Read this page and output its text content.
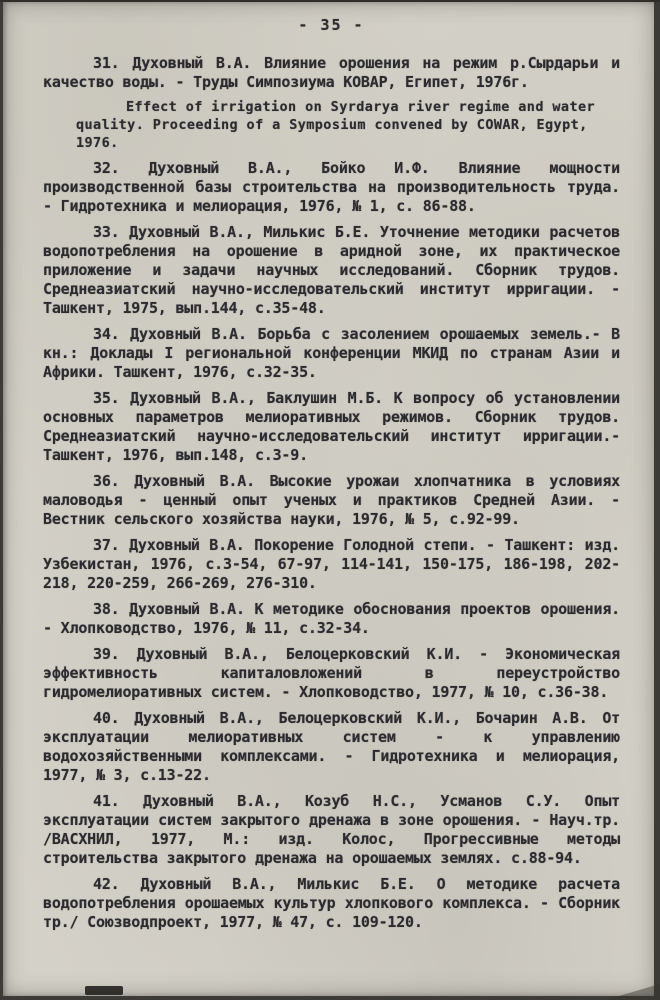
- 35 -

31. Духовный В.А. Влияние орошения на режим р.Сырдарьи и качество воды. - Труды Симпозиума КОВАР, Египет, 1976г.

Effect of irrigation on Syrdarya river regime and water quality. Proceeding of a Symposium convened by COWAR, Egypt, 1976.

32. Духовный В.А., Бойко И.Ф. Влияние мощности производственной базы строительства на производительность труда. - Гидротехника и мелиорация, 1976, № 1, с. 86-88.

33. Духовный В.А., Милькис Б.Е. Уточнение методики расчетов водопотребления на орошение в аридной зоне, их практическое приложение и задачи научных исследований. Сборник трудов. Среднеазиатский научно-исследовательский институт ирригации. - Ташкент, 1975, вып.144, с.35-48.

34. Духовный В.А. Борьба с засолением орошаемых земель.- В кн.: Доклады I региональной конференции МКИД по странам Азии и Африки. Ташкент, 1976, с.32-35.

35. Духовный В.А., Баклушин М.Б. К вопросу об установлении основных параметров мелиоративных режимов. Сборник трудов. Среднеазиатский научно-исследовательский институт ирригации.- Ташкент, 1976, вып.148, с.3-9.

36. Духовный В.А. Высокие урожаи хлопчатника в условиях маловодья - ценный опыт ученых и практиков Средней Азии. - Вестник сельского хозяйства науки, 1976, № 5, с.92-99.

37. Духовный В.А. Покорение Голодной степи. - Ташкент: изд. Узбекистан, 1976, с.3-54, 67-97, 114-141, 150-175, 186-198, 202-218, 220-259, 266-269, 276-310.

38. Духовный В.А. К методике обоснования проектов орошения. - Хлопководство, 1976, № 11, с.32-34.

39. Духовный В.А., Белоцерковский К.И. - Экономическая эффективность капиталовложений в переустройство гидромелиоративных систем. - Хлопководство, 1977, № 10, с.36-38.

40. Духовный В.А., Белоцерковский К.И., Бочарин А.В. От эксплуатации мелиоративных систем - к управлению водохозяйственными комплексами. - Гидротехника и мелиорация, 1977, № 3, с.13-22.

41. Духовный В.А., Козуб Н.С., Усманов С.У. Опыт эксплуатации систем закрытого дренажа в зоне орошения. - Науч.тр. /ВАСХНИЛ, 1977, М.: изд. Колос, Прогрессивные методы строительства закрытого дренажа на орошаемых землях. с.88-94.

42. Духовный В.А., Милькис Б.Е. О методике расчета водопотребления орошаемых культур хлопкового комплекса. - Сборник тр./ Союзводпроект, 1977, № 47, с. 109-120.
